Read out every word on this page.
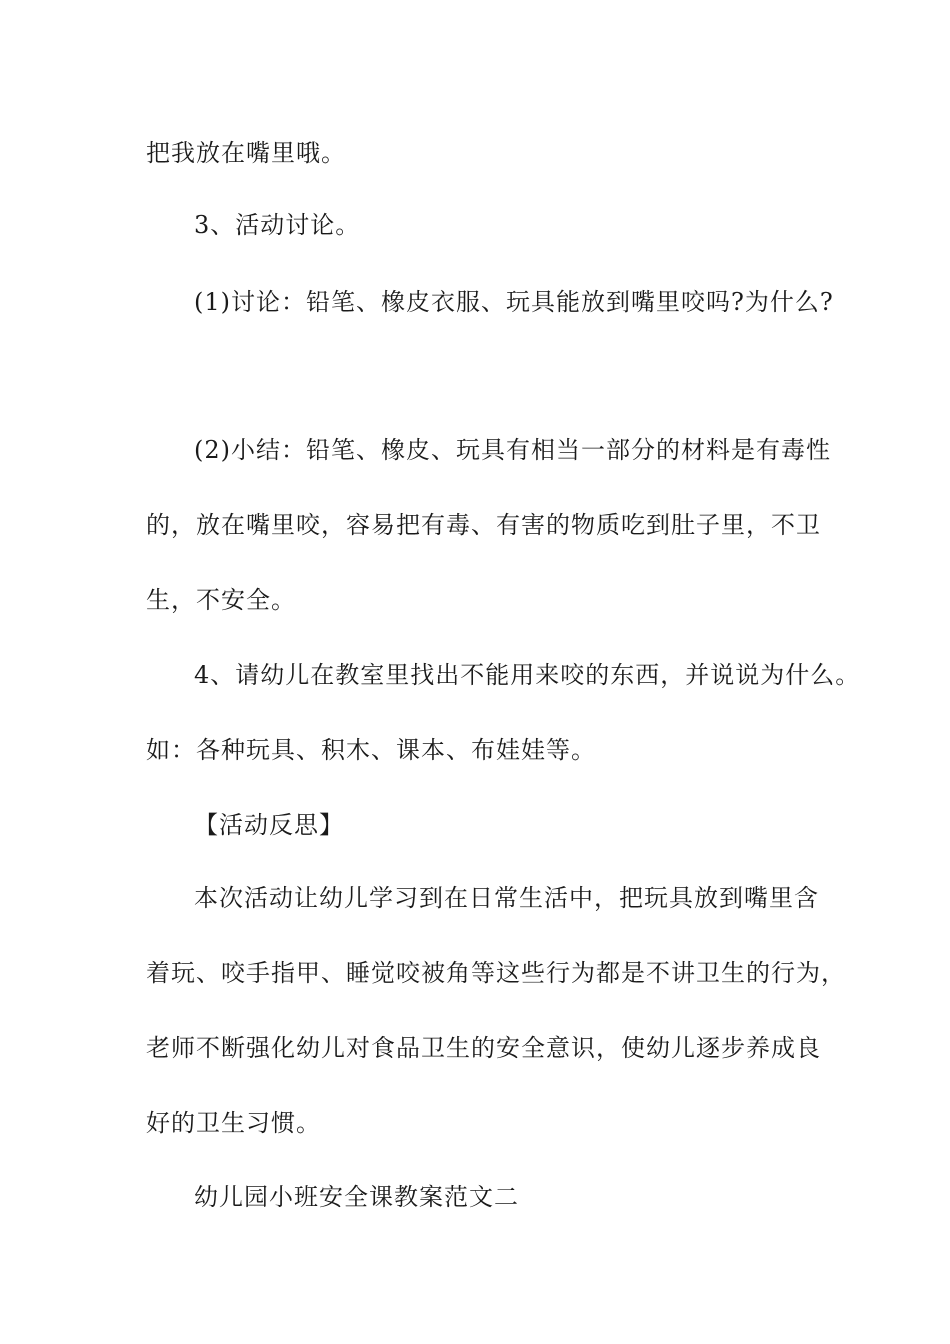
把我放在嘴里哦。
3、活动讨论。
(1)讨论：铅笔、橡皮衣服、玩具能放到嘴里咬吗?为什么?
(2)小结：铅笔、橡皮、玩具有相当一部分的材料是有毒性
的，放在嘴里咬，容易把有毒、有害的物质吃到肚子里，不卫
生，不安全。
4、请幼儿在教室里找出不能用来咬的东西，并说说为什么。
如：各种玩具、积木、课本、布娃娃等。
【活动反思】
本次活动让幼儿学习到在日常生活中，把玩具放到嘴里含
着玩、咬手指甲、睡觉咬被角等这些行为都是不讲卫生的行为，
老师不断强化幼儿对食品卫生的安全意识，使幼儿逐步养成良
好的卫生习惯。
幼儿园小班安全课教案范文二
